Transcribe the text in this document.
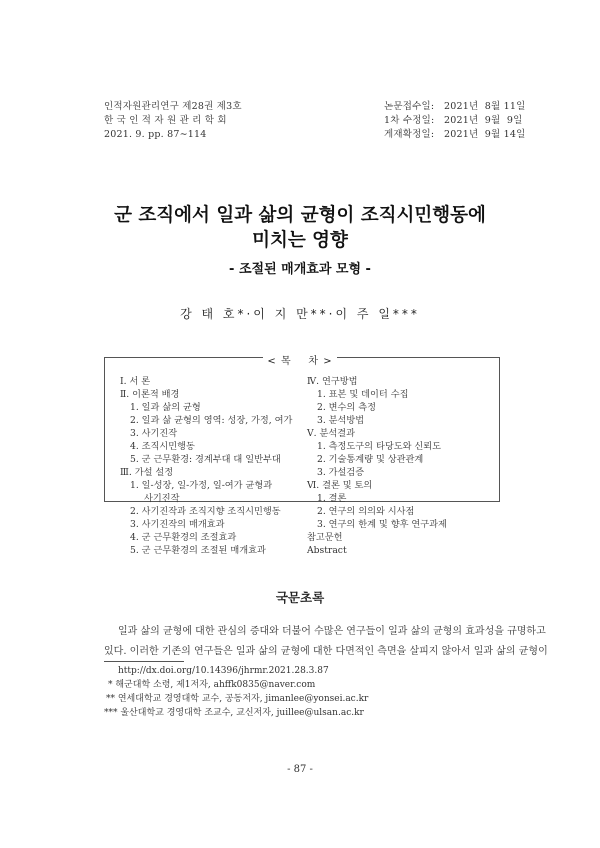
인적자원관리연구 제28권 제3호
한 국 인 적 자 원 관 리 학 회
2021. 9. pp. 87∼114
논문접수일:	2021년  8월 11일
1차 수정일:	2021년  9월  9일
게재확정일:	2021년  9월 14일
군 조직에서 일과 삶의 균형이 조직시민행동에
미치는 영향
- 조절된 매개효과 모형 -
강 태 호*·이 지 만**·이 주 일***
< 목    차 >
Ⅰ. 서 론
Ⅱ. 이론적 배경
1. 일과 삶의 균형
2. 일과 삶 균형의 영역: 성장, 가정, 여가
3. 사기진작
4. 조직시민행동
5. 군 근무환경: 경계부대 대 일반부대
Ⅲ. 가설 설정
1. 일-성장, 일-가정, 일-여가 균형과
사기진작
2. 사기진작과 조직지향 조직시민행동
3. 사기진작의 매개효과
4. 군 근무환경의 조절효과
5. 군 근무환경의 조절된 매개효과
Ⅳ. 연구방법
1. 표본 및 데이터 수집
2. 변수의 측정
3. 분석방법
Ⅴ. 분석결과
1. 측정도구의 타당도와 신뢰도
2. 기술통계량 및 상관관계
3. 가설검증
Ⅵ. 결론 및 토의
1. 결론
2. 연구의 의의와 시사점
3. 연구의 한계 및 향후 연구과제
참고문헌
Abstract
국문초록
일과 삶의 균형에 대한 관심의 증대와 더불어 수많은 연구들이 일과 삶의 균형의 효과성을 규명하고
있다. 이러한 기존의 연구들은 일과 삶의 균형에 대한 다면적인 측면을 살피지 않아서 일과 삶의 균형이
http://dx.doi.org/10.14396/jhrmr.2021.28.3.87
* 해군대학 소령, 제1저자, ahffk0835@naver.com
** 연세대학교 경영대학 교수, 공동저자, jimanlee@yonsei.ac.kr
*** 울산대학교 경영대학 조교수, 교신저자, juillee@ulsan.ac.kr
- 87 -
